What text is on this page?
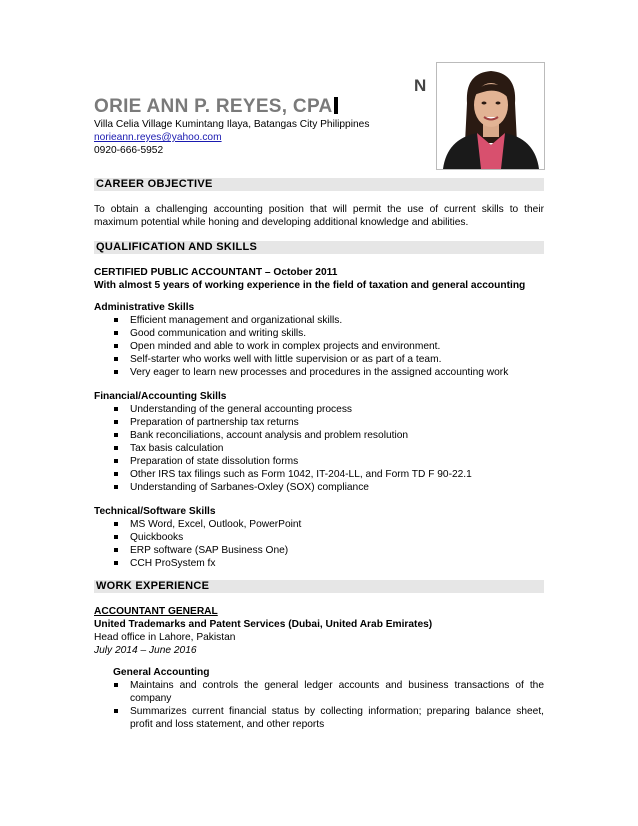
N
ORIE ANN P. REYES, CPA
Villa Celia Village Kumintang Ilaya, Batangas City Philippines
norieann.reyes@yahoo.com
0920-666-5952
CAREER OBJECTIVE
To obtain a challenging accounting position that will permit the use of current skills to their maximum potential while honing and developing additional knowledge and abilities.
QUALIFICATION AND SKILLS
CERTIFIED PUBLIC ACCOUNTANT – October 2011
With almost 5 years of working experience in the field of taxation and general accounting
Administrative Skills
Efficient management and organizational skills.
Good communication and writing skills.
Open minded and able to work in complex projects and environment.
Self-starter who works well with little supervision or as part of a team.
Very eager to learn new processes and procedures in the assigned accounting work
Financial/Accounting Skills
Understanding of the general accounting process
Preparation of partnership tax returns
Bank reconciliations, account analysis and problem resolution
Tax basis calculation
Preparation of state dissolution forms
Other IRS tax filings such as Form 1042, IT-204-LL, and Form TD F 90-22.1
Understanding of Sarbanes-Oxley (SOX) compliance
Technical/Software Skills
MS Word, Excel, Outlook, PowerPoint
Quickbooks
ERP software (SAP Business One)
CCH ProSystem fx
WORK EXPERIENCE
ACCOUNTANT GENERAL
United Trademarks and Patent Services (Dubai, United Arab Emirates)
Head office in Lahore, Pakistan
July 2014 – June 2016
General Accounting
Maintains and controls the general ledger accounts and business transactions of the company
Summarizes current financial status by collecting information; preparing balance sheet, profit and loss statement, and other reports
